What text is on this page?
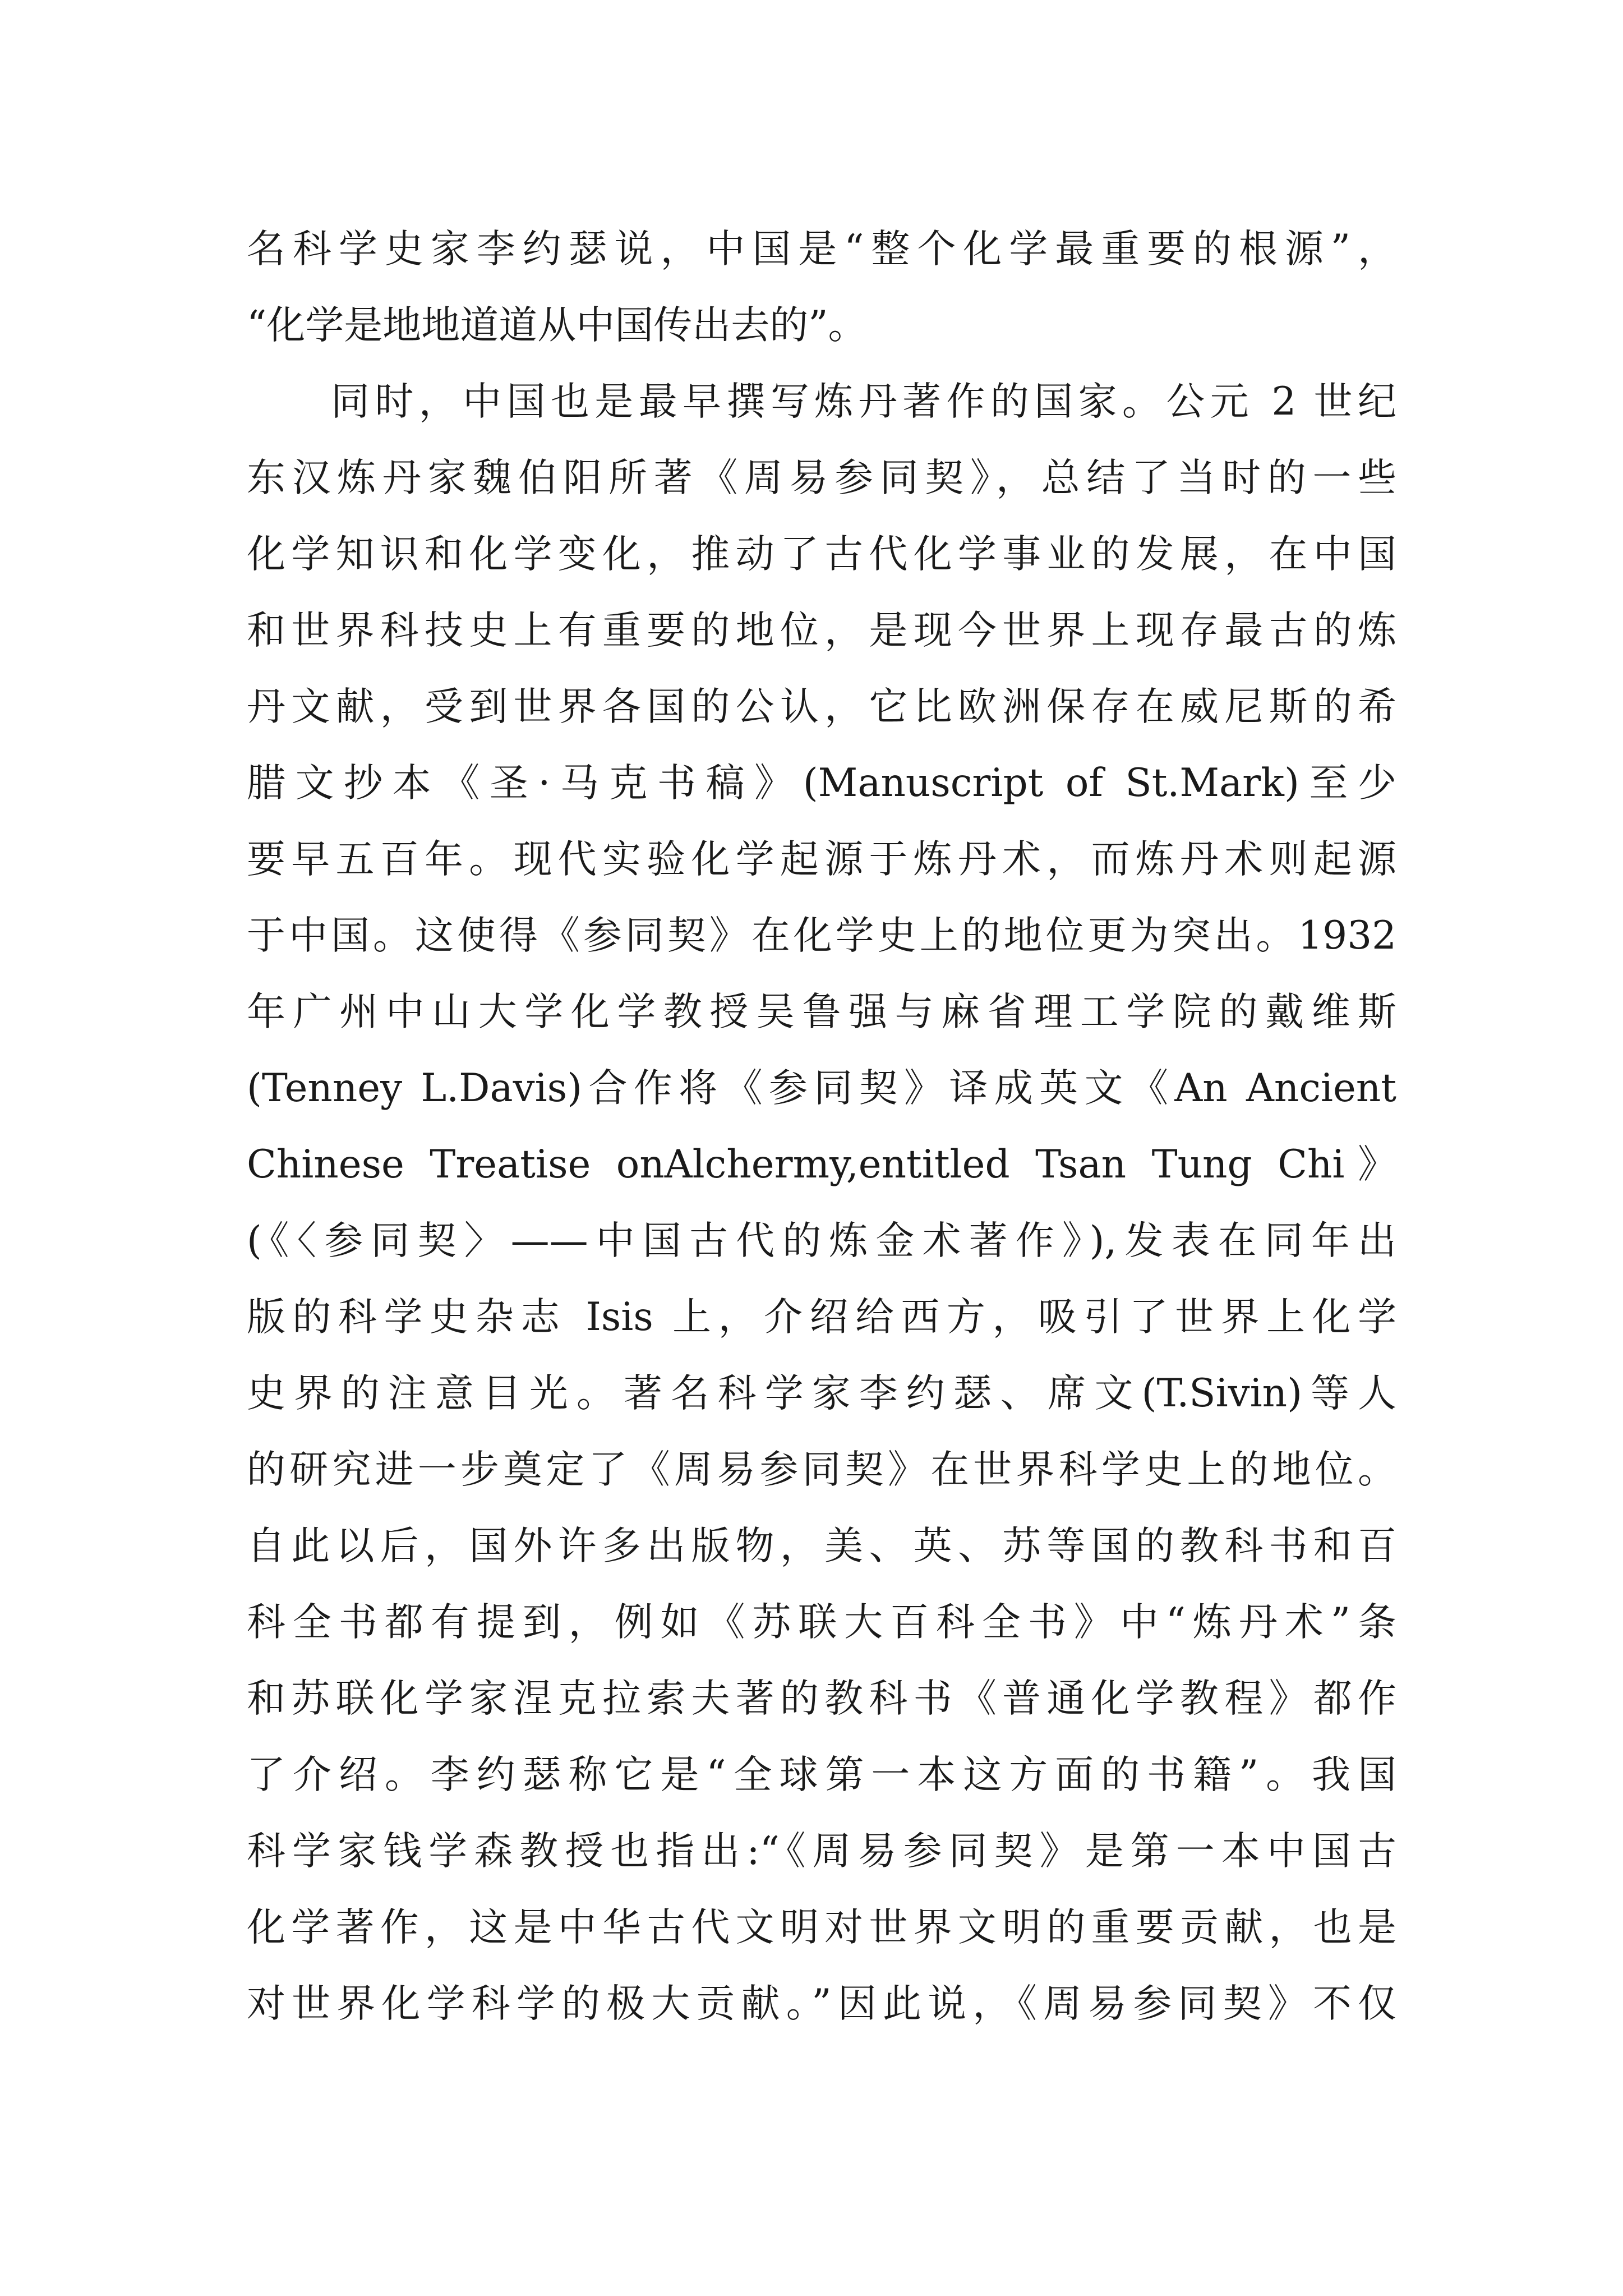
名科学史家李约瑟说，中国是“整个化学最重要的根源”，
“化学是地地道道从中国传出去的”。
同时，中国也是最早撰写炼丹著作的国家。公元 2 世纪
东汉炼丹家魏伯阳所著《周易参同契》，总结了当时的一些
化学知识和化学变化，推动了古代化学事业的发展，在中国
和世界科技史上有重要的地位，是现今世界上现存最古的炼
丹文献，受到世界各国的公认，它比欧洲保存在威尼斯的希
腊文抄本《圣·马克书稿》(Manuscript of St.Mark)至少
要早五百年。现代实验化学起源于炼丹术，而炼丹术则起源
于中国。这使得《参同契》在化学史上的地位更为突出。1932
年广州中山大学化学教授吴鲁强与麻省理工学院的戴维斯
(Tenney L.Davis)合作将《参同契》译成英文《An Ancient
Chinese Treatise onAlchermy,entitled Tsan Tung Chi》
(《〈参同契〉——中国古代的炼金术著作》),发表在同年出
版的科学史杂志 Isis 上，介绍给西方，吸引了世界上化学
史界的注意目光。著名科学家李约瑟、席文(T.Sivin)等人
的研究进一步奠定了《周易参同契》在世界科学史上的地位。
自此以后，国外许多出版物，美、英、苏等国的教科书和百
科全书都有提到，例如《苏联大百科全书》中“炼丹术”条
和苏联化学家涅克拉索夫著的教科书《普通化学教程》都作
了介绍。李约瑟称它是“全球第一本这方面的书籍”。我国
科学家钱学森教授也指出:“《周易参同契》是第一本中国古
化学著作，这是中华古代文明对世界文明的重要贡献，也是
对世界化学科学的极大贡献。”因此说，《周易参同契》不仅
